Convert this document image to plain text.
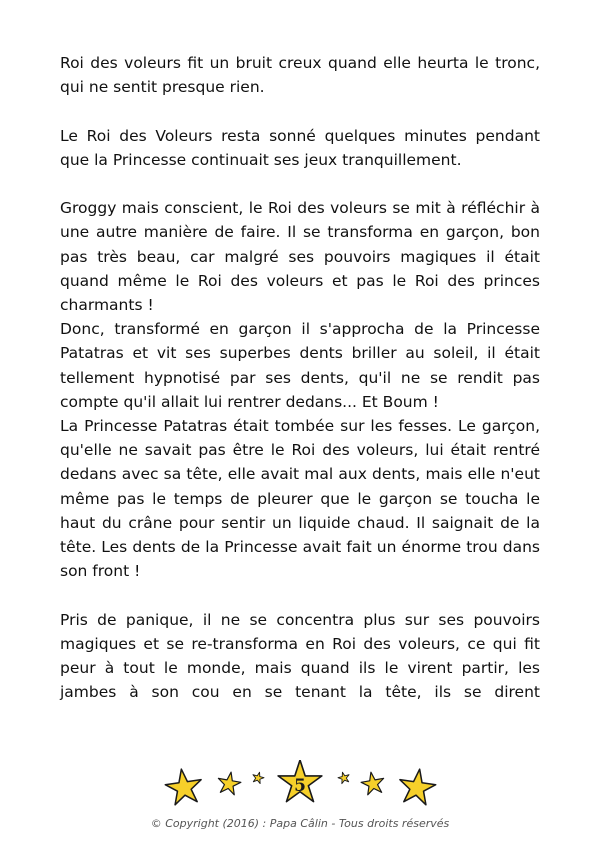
Roi des voleurs fit un bruit creux quand elle heurta le tronc, qui ne sentit presque rien.

Le Roi des Voleurs resta sonné quelques minutes pendant que la Princesse continuait ses jeux tranquillement.

Groggy mais conscient, le Roi des voleurs se mit à réfléchir à une autre manière de faire. Il se transforma en garçon, bon pas très beau, car malgré ses pouvoirs magiques il était quand même le Roi des voleurs et pas le Roi des princes charmants !

Donc, transformé en garçon il s'approcha de la Princesse Patatras et vit ses superbes dents briller au soleil, il était tellement hypnotisé par ses dents, qu'il ne se rendit pas compte qu'il allait lui rentrer dedans... Et Boum !

La Princesse Patatras était tombée sur les fesses. Le garçon, qu'elle ne savait pas être le Roi des voleurs, lui était rentré dedans avec sa tête, elle avait mal aux dents, mais elle n'eut même pas le temps de pleurer que le garçon se toucha le haut du crâne pour sentir un liquide chaud. Il saignait de la tête. Les dents de la Princesse avait fait un énorme trou dans son front !

Pris de panique, il ne se concentra plus sur ses pouvoirs magiques et se re-transforma en Roi des voleurs, ce qui fit peur à tout le monde, mais quand ils le virent partir, les jambes à son cou en se tenant la tête, ils se dirent

5
© Copyright (2016) : Papa Câlin - Tous droits réservés
